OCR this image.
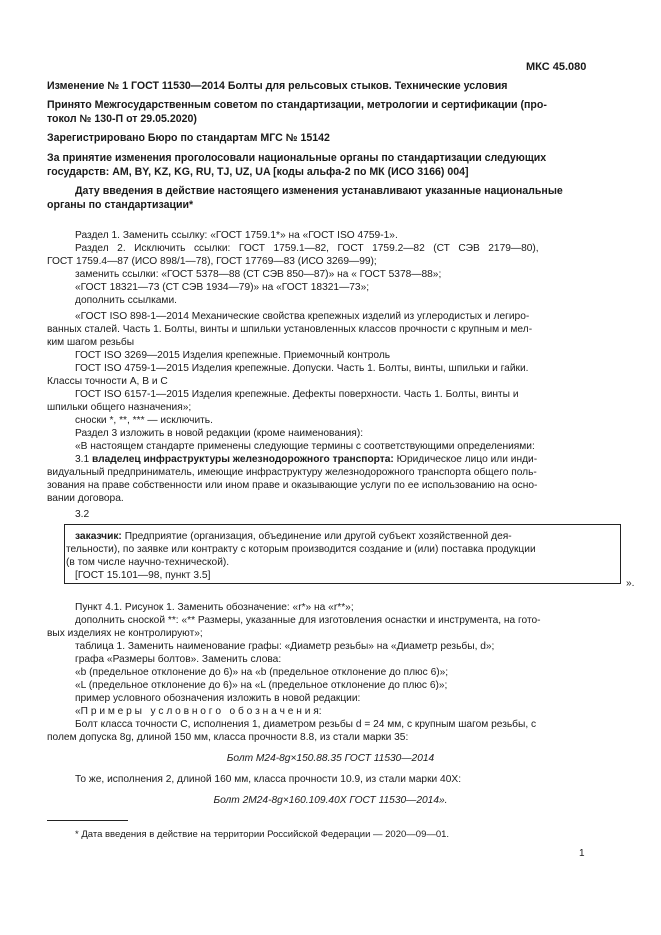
МКС 45.080
Изменение № 1 ГОСТ 11530—2014 Болты для рельсовых стыков. Технические условия
Принято Межгосударственным советом по стандартизации, метрологии и сертификации (про-
токол № 130-П от 29.05.2020)
Зарегистрировано Бюро по стандартам МГС № 15142
За принятие изменения проголосовали национальные органы по стандартизации следующих
государств: AM, BY, KZ, KG, RU, TJ, UZ, UA [коды альфа-2 по МК (ИСО 3166) 004]
Дату введения в действие настоящего изменения устанавливают указанные национальные
органы по стандартизации*
Раздел 1. Заменить ссылку: «ГОСТ 1759.1*» на «ГОСТ ISO 4759-1».
Раздел   2.   Исключить   ссылки:   ГОСТ   1759.1—82,   ГОСТ   1759.2—82   (СТ   СЭВ   2179—80),
ГОСТ 1759.4—87 (ИСО 898/1—78), ГОСТ 17769—83 (ИСО 3269—99);
заменить ссылки: «ГОСТ 5378—88 (СТ СЭВ 850—87)» на « ГОСТ 5378—88»;
«ГОСТ 18321—73 (СТ СЭВ 1934—79)» на «ГОСТ 18321—73»;
дополнить ссылками.
«ГОСТ ISO 898-1—2014 Механические свойства крепежных изделий из углеродистых и легиро-
ванных сталей. Часть 1. Болты, винты и шпильки установленных классов прочности с крупным и мел-
ким шагом резьбы
ГОСТ ISO 3269—2015 Изделия крепежные. Приемочный контроль
ГОСТ ISO 4759-1—2015 Изделия крепежные. Допуски. Часть 1. Болты, винты, шпильки и гайки.
Классы точности А, В и С
ГОСТ ISO 6157-1—2015 Изделия крепежные. Дефекты поверхности. Часть 1. Болты, винты и
шпильки общего назначения»;
сноски *, **, *** — исключить.
Раздел 3 изложить в новой редакции (кроме наименования):
«В настоящем стандарте применены следующие термины с соответствующими определениями:
3.1 владелец инфраструктуры железнодорожного транспорта: Юридическое лицо или инди-
видуальный предприниматель, имеющие инфраструктуру железнодорожного транспорта общего поль-
зования на праве собственности или ином праве и оказывающие услуги по ее использованию на осно-
вании договора.
3.2
заказчик: Предприятие (организация, объединение или другой субъект хозяйственной дея-
тельности), по заявке или контракту с которым производится создание и (или) поставка продукции
(в том числе научно-технической).
[ГОСТ 15.101—98, пункт 3.5]
».
Пункт 4.1. Рисунок 1. Заменить обозначение: «r*» на «r**»;
дополнить сноской **: «** Размеры, указанные для изготовления оснастки и инструмента, на гото-
вых изделиях не контролируют»;
таблица 1. Заменить наименование графы: «Диаметр резьбы» на «Диаметр резьбы, d»;
графа «Размеры болтов». Заменить слова:
«b (предельное отклонение до 6)» на «b (предельное отклонение до плюс 6)»;
«L (предельное отклонение до 6)» на «L (предельное отклонение до плюс 6)»;
пример условного обозначения изложить в новой редакции:
«П р и м е р ы   у с л о в н о г о   о б о з н а ч е н и я:
Болт класса точности С, исполнения 1, диаметром резьбы d = 24 мм, с крупным шагом резьбы, с
полем допуска 8g, длиной 150 мм, класса прочности 8.8, из стали марки 35:
Болт М24-8g×150.88.35 ГОСТ 11530—2014
То же, исполнения 2, длиной 160 мм, класса прочности 10.9, из стали марки 40Х:
Болт 2М24-8g×160.109.40Х ГОСТ 11530—2014».
* Дата введения в действие на территории Российской Федерации — 2020—09—01.
1
